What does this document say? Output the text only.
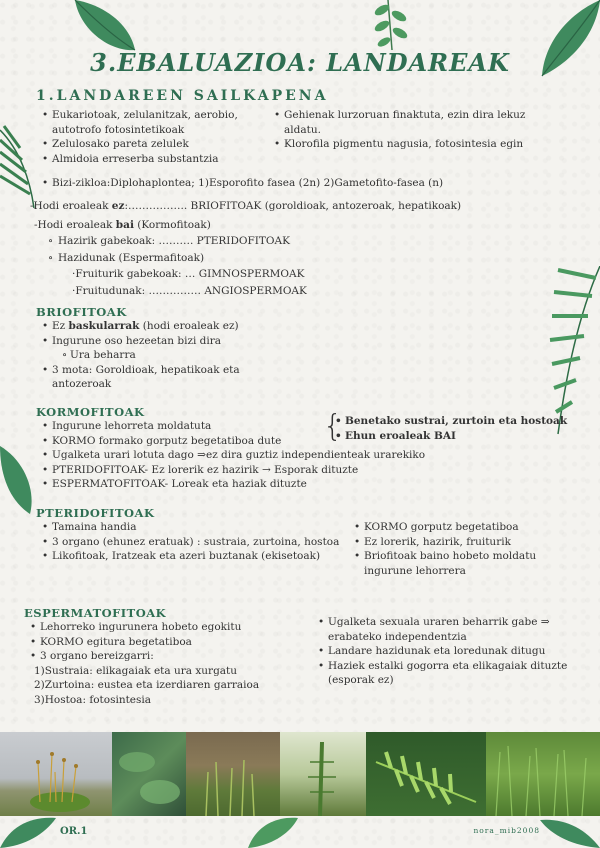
3.EBALUAZIOA: LANDAREAK
1.LANDAREEN SAILKAPENA
• Eukariotoak, zelulanitzak, aerobio, autotrofo fotosintetikoak
• Zelulosako pareta zelulek
• Almidoia erreserba substantzia
• Gehienak lurzoruan finaktuta, ezin dira lekuz aldatu.
• Klorofila pigmentu nagusia, fotosintesia egin
• Bizi-zikloa:Diplohaplontea; 1)Esporofito fasea (2n) 2)Gametofito-fasea (n)
-Hodi eroaleak ez:…………….. BRIOFITOAK (goroldioak, antozeroak, hepatikoak)
-Hodi eroaleak bai (Kormofitoak)
∘ Hazirik gabekoak: ………. PTERIDOFITOAK
∘ Hazidunak (Espermafitoak)
·Fruiturik gabekoak: … GIMNOSPERMOAK
·Fruitudunak: …………… ANGIOSPERMOAK
BRIOFITOAK
• Ez baskularrak (hodi eroaleak ez)
• Ingurune oso hezeetan bizi dira
∘ Ura beharra
• 3 mota: Goroldioak, hepatikoak eta antozeroak
KORMOFITOAK
• Ingurune lehorreta moldatuta
• KORMO formako gorputz begetatiboa dute
• Ugalketa urari lotuta dago ⇒ez dira guztiz independienteak urarekiko
• PTERIDOFITOAK- Ez lorerik ez hazirik → Esporak dituzte
• ESPERMATOFITOAK- Loreak eta haziak dituzte
{
• Benetako sustrai, zurtoin eta hostoak
• Ehun eroaleak BAI
PTERIDOFITOAK
• Tamaina handia
• 3 organo (ehunez eratuak) : sustraia, zurtoina, hostoa
• Likofitoak, Iratzeak eta azeri buztanak (ekisetoak)
• KORMO gorputz begetatiboa
• Ez lorerik, hazirik, fruiturik
• Briofitoak baino hobeto moldatu ingurune lehorrera
ESPERMATOFITOAK
• Lehorreko ingurunera hobeto egokitu
• KORMO egitura begetatiboa
• 3 organo bereizgarri:
1)Sustraia: elikagaiak eta ura xurgatu
2)Zurtoina: eustea eta izerdiaren garraioa
3)Hostoa: fotosintesia
• Ugalketa sexuala uraren beharrik gabe ⇒ erabateko independentzia
• Landare hazidunak eta loredunak ditugu
• Haziek estalki gogorra eta elikagaiak dituzte (esporak ez)
OR.1	nora_mib2008
